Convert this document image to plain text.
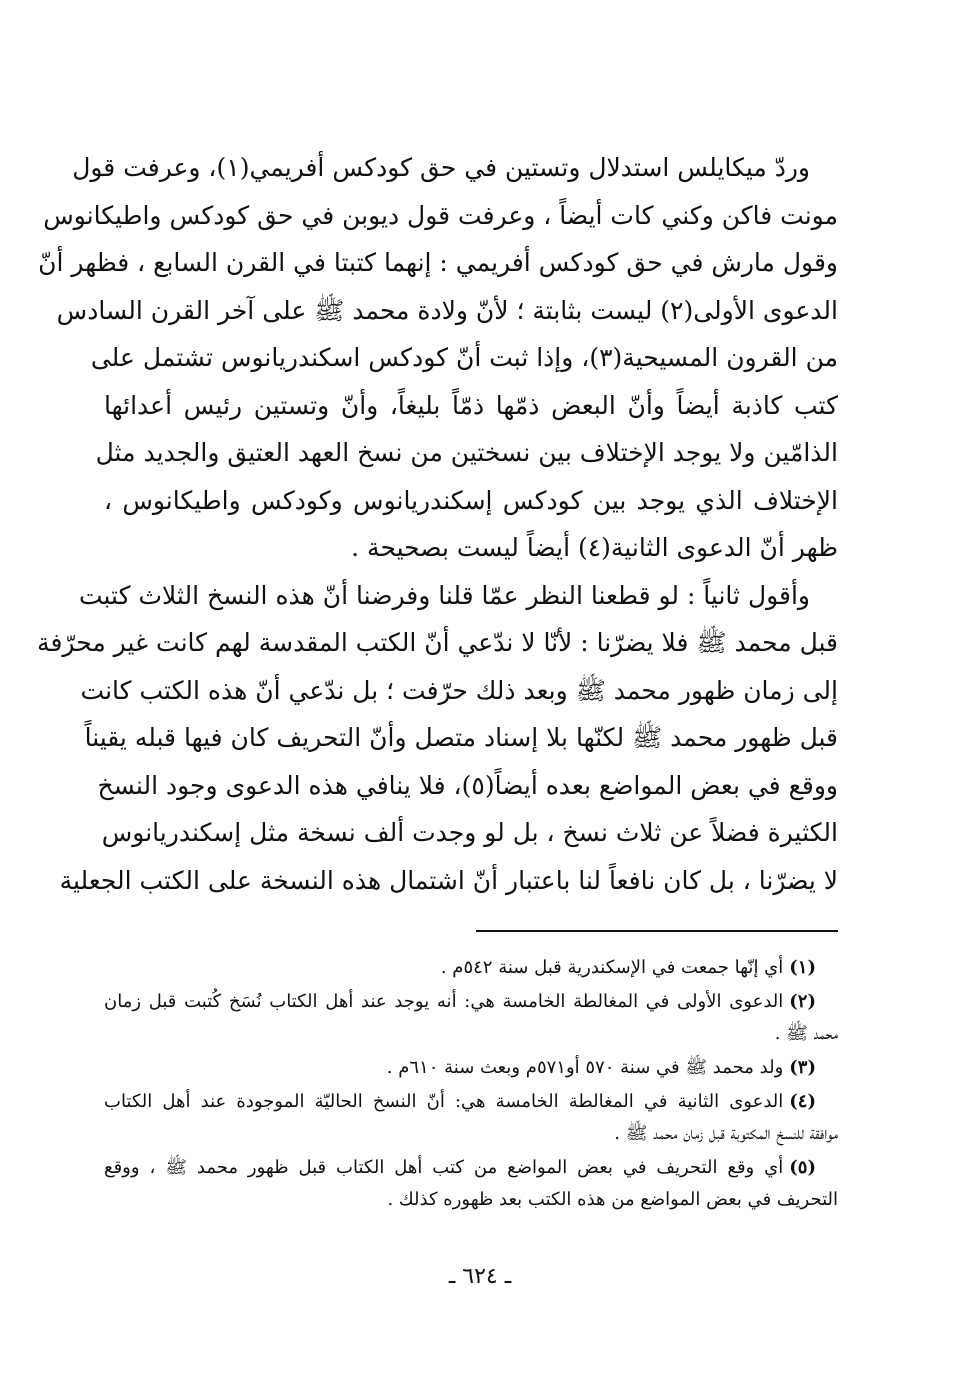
وردّ ميكايلس استدلال وتستين في حق كودكس أفريمي(١)، وعرفت قول
مونت فاكن وكني كات أيضاً ، وعرفت قول ديوبن في حق كودكس واطيكانوس
وقول مارش في حق كودكس أفريمي : إنهما كتبتا في القرن السابع ، فظهر أنّ
الدعوى الأولى(٢) ليست بثابتة ؛ لأنّ ولادة محمد ﷺ على آخر القرن السادس
من القرون المسيحية(٣)، وإذا ثبت أنّ كودكس اسكندريانوس تشتمل على
كتب كاذبة أيضاً وأنّ البعض ذمّها ذمّاً بليغاً، وأنّ وتستين رئيس أعدائها
الذامّين ولا يوجد الإختلاف بين نسختين من نسخ العهد العتيق والجديد مثل
الإختلاف الذي يوجد بين كودكس إسكندريانوس وكودكس واطيكانوس ،
ظهر أنّ الدعوى الثانية(٤) أيضاً ليست بصحيحة .
وأقول ثانياً : لو قطعنا النظر عمّا قلنا وفرضنا أنّ هذه النسخ الثلاث كتبت
قبل محمد ﷺ فلا يضرّنا : لأنّا لا ندّعي أنّ الكتب المقدسة لهم كانت غير محرّفة
إلى زمان ظهور محمد ﷺ وبعد ذلك حرّفت ؛ بل ندّعي أنّ هذه الكتب كانت
قبل ظهور محمد ﷺ لكنّها بلا إسناد متصل وأنّ التحريف كان فيها قبله يقيناً
ووقع في بعض المواضع بعده أيضاً(٥)، فلا ينافي هذه الدعوى وجود النسخ
الكثيرة فضلاً عن ثلاث نسخ ، بل لو وجدت ألف نسخة مثل إسكندريانوس
لا يضرّنا ، بل كان نافعاً لنا باعتبار أنّ اشتمال هذه النسخة على الكتب الجعلية
(١)أي إنّها جمعت في الإسكندرية قبل سنة ٥٤٢م .
(٢)الدعوى الأولى في المغالطة الخامسة هي: أنه يوجد عند أهل الكتاب نُسَخ كُتبت قبل زمان
محمد ﷺ .
(٣)ولد محمد ﷺ في سنة ٥٧٠ أو٥٧١م وبعث سنة ٦١٠م .
(٤)الدعوى الثانية في المغالطة الخامسة هي: أنّ النسخ الحاليّة الموجودة عند أهل الكتاب
موافقة للنسخ المكتوبة قبل زمان محمد ﷺ .
(٥)أي وقع التحريف في بعض المواضع من كتب أهل الكتاب قبل ظهور محمد ﷺ ، ووقع
التحريف في بعض المواضع من هذه الكتب بعد ظهوره كذلك .
ـ ٦٢٤ ـ
